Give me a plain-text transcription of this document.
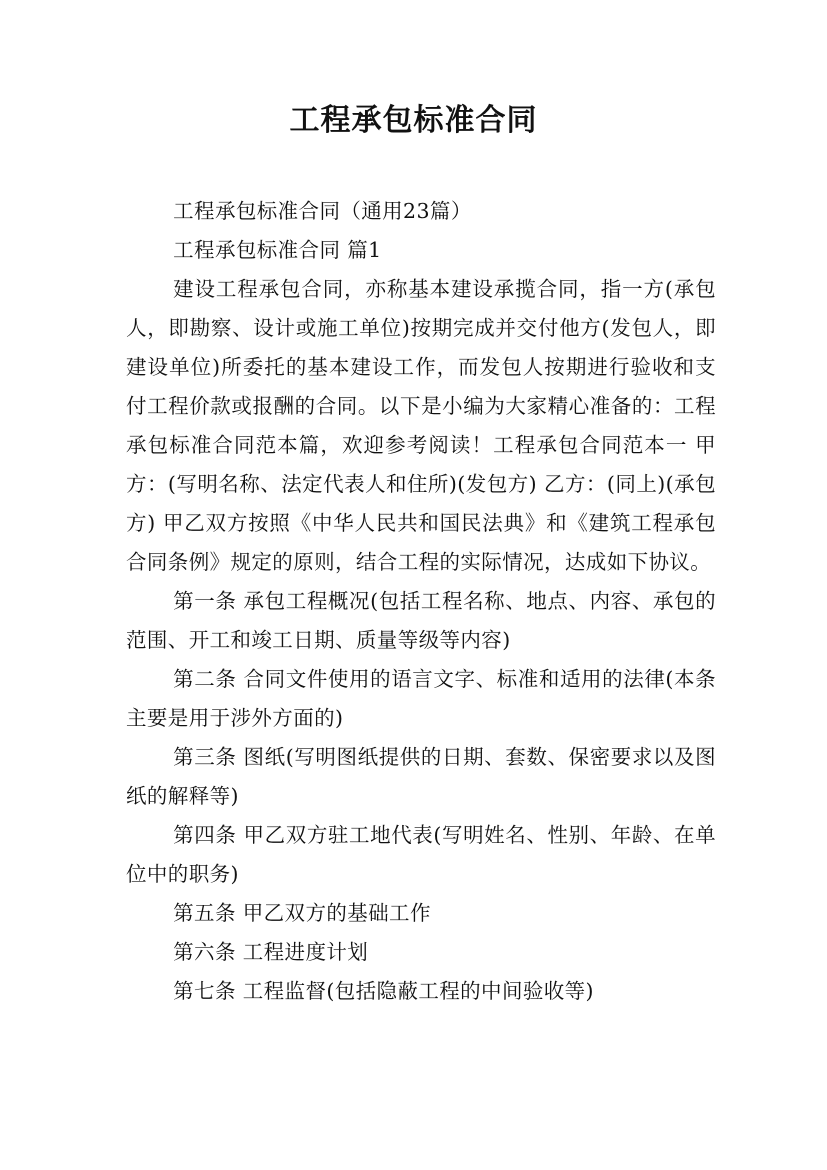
工程承包标准合同

工程承包标准合同（通用23篇）

工程承包标准合同 篇1

建设工程承包合同，亦称基本建设承揽合同，指一方(承包人，即勘察、设计或施工单位)按期完成并交付他方(发包人，即建设单位)所委托的基本建设工作，而发包人按期进行验收和支付工程价款或报酬的合同。以下是小编为大家精心准备的：工程承包标准合同范本篇，欢迎参考阅读！工程承包合同范本一 甲方：(写明名称、法定代表人和住所)(发包方) 乙方：(同上)(承包方) 甲乙双方按照《中华人民共和国民法典》和《建筑工程承包合同条例》规定的原则，结合工程的实际情况，达成如下协议。

第一条 承包工程概况(包括工程名称、地点、内容、承包的范围、开工和竣工日期、质量等级等内容)

第二条 合同文件使用的语言文字、标准和适用的法律(本条主要是用于涉外方面的)

第三条 图纸(写明图纸提供的日期、套数、保密要求以及图纸的解释等)

第四条 甲乙双方驻工地代表(写明姓名、性别、年龄、在单位中的职务)

第五条 甲乙双方的基础工作

第六条 工程进度计划

第七条 工程监督(包括隐蔽工程的中间验收等)
